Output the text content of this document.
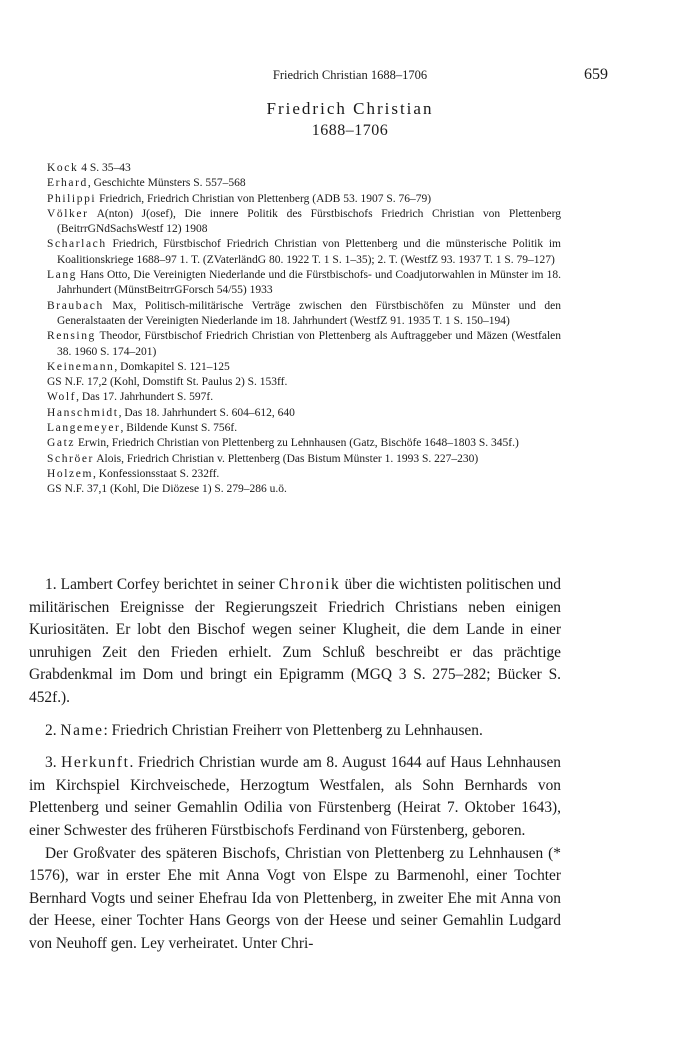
Friedrich Christian 1688–1706	659
Friedrich Christian
1688–1706
Kock 4 S. 35–43
Erhard, Geschichte Münsters S. 557–568
Philippi Friedrich, Friedrich Christian von Plettenberg (ADB 53. 1907 S. 76–79)
Völker A(nton) J(osef), Die innere Politik des Fürstbischofs Friedrich Christian von Plettenberg (BeitrrGNdSachsWestf 12) 1908
Scharlach Friedrich, Fürstbischof Friedrich Christian von Plettenberg und die münsterische Politik im Koalitionskriege 1688–97 1. T. (ZVaterländG 80. 1922 T. 1 S. 1–35); 2. T. (WestfZ 93. 1937 T. 1 S. 79–127)
Lang Hans Otto, Die Vereinigten Niederlande und die Fürstbischofs- und Coadjutorwahlen in Münster im 18. Jahrhundert (MünstBeitrrGForsch 54/55) 1933
Braubach Max, Politisch-militärische Verträge zwischen den Fürstbischöfen zu Münster und den Generalstaaten der Vereinigten Niederlande im 18. Jahrhundert (WestfZ 91. 1935 T. 1 S. 150–194)
Rensing Theodor, Fürstbischof Friedrich Christian von Plettenberg als Auftraggeber und Mäzen (Westfalen 38. 1960 S. 174–201)
Keinemann, Domkapitel S. 121–125
GS N.F. 17,2 (Kohl, Domstift St. Paulus 2) S. 153ff.
Wolf, Das 17. Jahrhundert S. 597f.
Hanschmidt, Das 18. Jahrhundert S. 604–612, 640
Langemeyer, Bildende Kunst S. 756f.
Gatz Erwin, Friedrich Christian von Plettenberg zu Lehnhausen (Gatz, Bischöfe 1648–1803 S. 345f.)
Schröer Alois, Friedrich Christian v. Plettenberg (Das Bistum Münster 1. 1993 S. 227–230)
Holzem, Konfessionsstaat S. 232ff.
GS N.F. 37,1 (Kohl, Die Diözese 1) S. 279–286 u.ö.

1. Lambert Corfey berichtet in seiner Chronik über die wichtisten politischen und militärischen Ereignisse der Regierungszeit Friedrich Christians neben einigen Kuriositäten. Er lobt den Bischof wegen seiner Klugheit, die dem Lande in einer unruhigen Zeit den Frieden erhielt. Zum Schluß beschreibt er das prächtige Grabdenkmal im Dom und bringt ein Epigramm (MGQ 3 S. 275–282; Bücker S. 452f.).

2. Name: Friedrich Christian Freiherr von Plettenberg zu Lehnhausen.

3. Herkunft. Friedrich Christian wurde am 8. August 1644 auf Haus Lehnhausen im Kirchspiel Kirchveischede, Herzogtum Westfalen, als Sohn Bernhards von Plettenberg und seiner Gemahlin Odilia von Fürstenberg (Heirat 7. Oktober 1643), einer Schwester des früheren Fürstbischofs Ferdinand von Fürstenberg, geboren.

Der Großvater des späteren Bischofs, Christian von Plettenberg zu Lehnhausen (* 1576), war in erster Ehe mit Anna Vogt von Elspe zu Barmenohl, einer Tochter Bernhard Vogts und seiner Ehefrau Ida von Plettenberg, in zweiter Ehe mit Anna von der Heese, einer Tochter Hans Georgs von der Heese und seiner Gemahlin Ludgard von Neuhoff gen. Ley verheiratet. Unter Chri-
